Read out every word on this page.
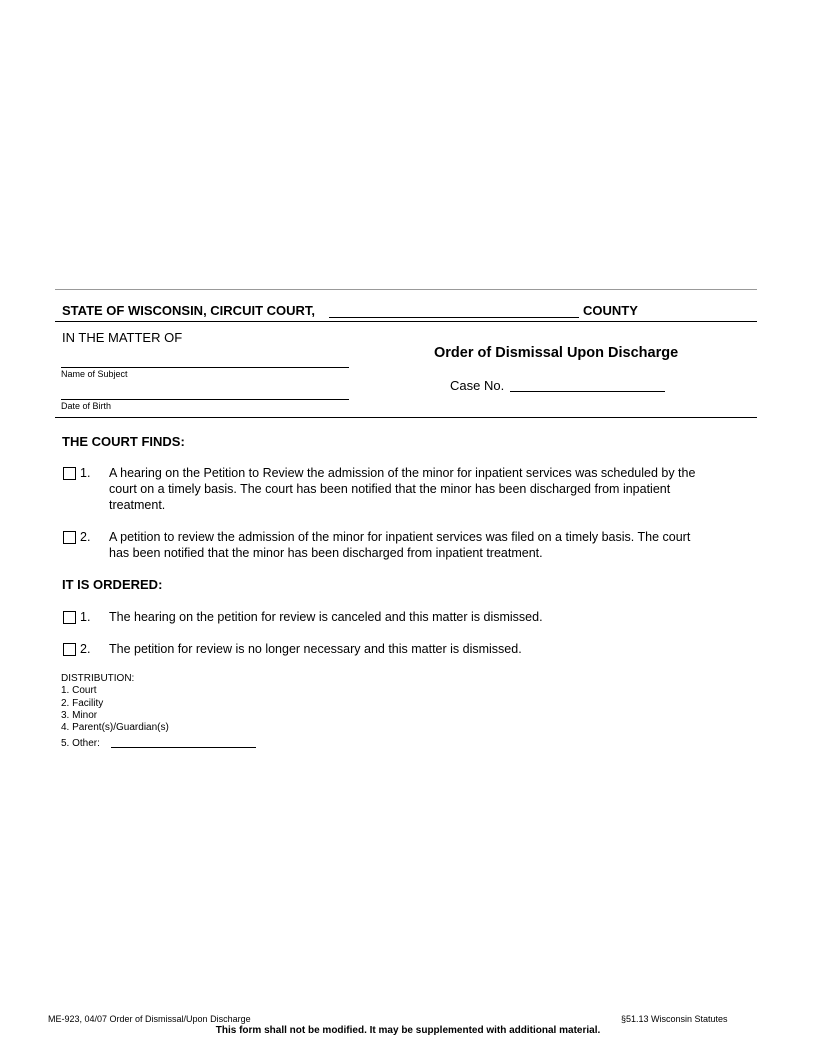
STATE OF WISCONSIN, CIRCUIT COURT,	COUNTY
IN THE MATTER OF
Order of Dismissal Upon Discharge
Name of Subject
Case No.
Date of Birth
THE COURT FINDS:
1. A hearing on the Petition to Review the admission of the minor for inpatient services was scheduled by the
court on a timely basis. The court has been notified that the minor has been discharged from inpatient
treatment.
2. A petition to review the admission of the minor for inpatient services was filed on a timely basis. The court
has been notified that the minor has been discharged from inpatient treatment.
IT IS ORDERED:
1. The hearing on the petition for review is canceled and this matter is dismissed.
2. The petition for review is no longer necessary and this matter is dismissed.
DISTRIBUTION:
1. Court
2. Facility
3. Minor
4. Parent(s)/Guardian(s)
5. Other:
ME-923, 04/07 Order of Dismissal/Upon Discharge	§51.13 Wisconsin Statutes
This form shall not be modified. It may be supplemented with additional material.
